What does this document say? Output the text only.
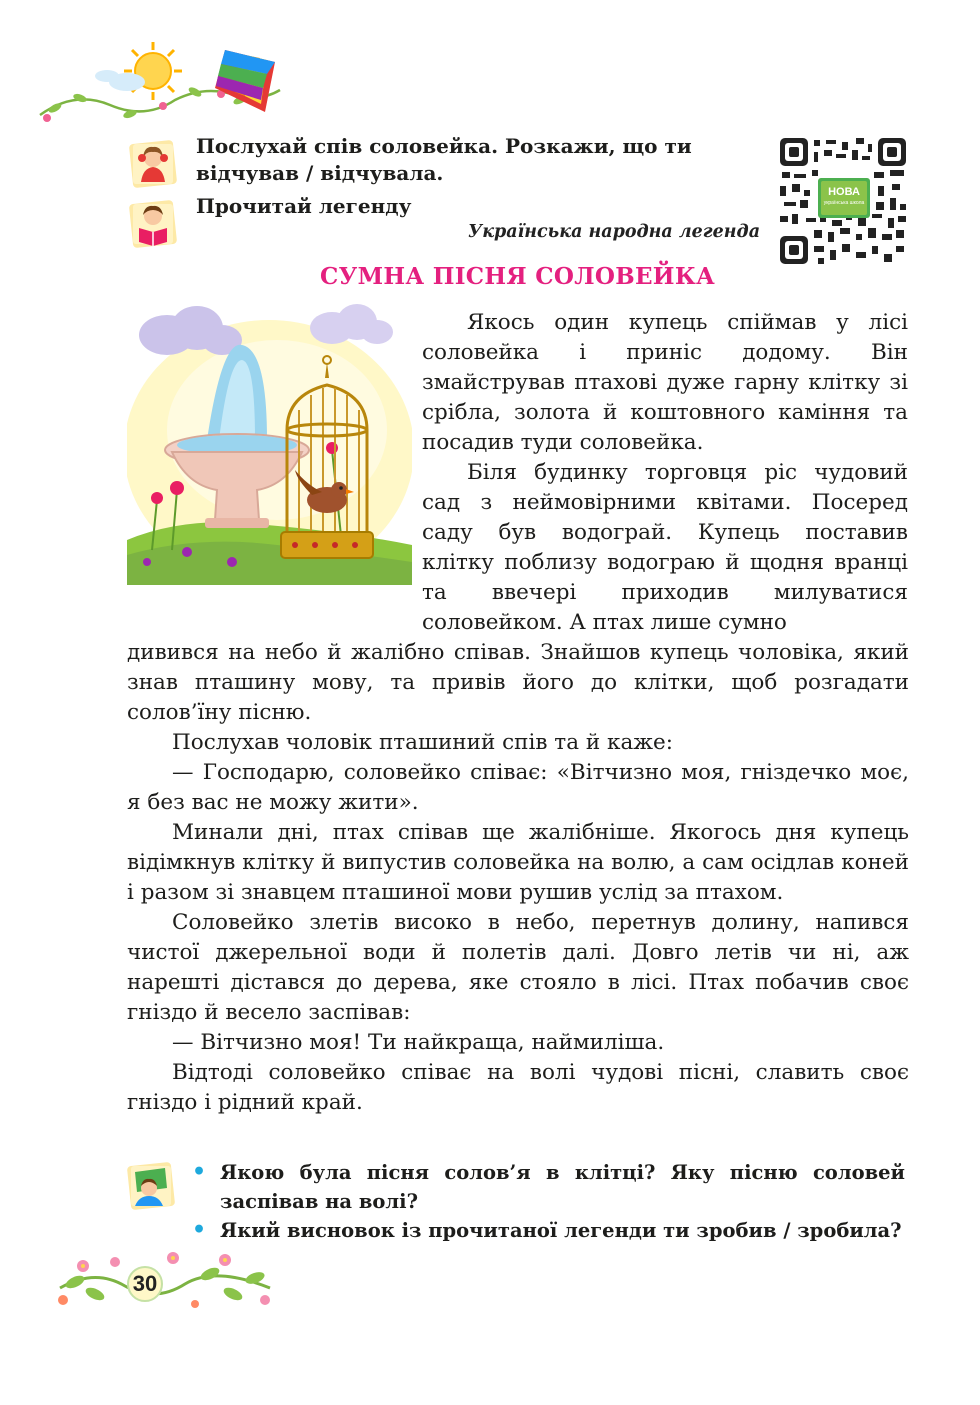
Послухай спів соловейка. Розкажи, що ти відчував / відчувала.
Прочитай легенду
Українська народна легенда
НОВА
українська школа
СУМНА ПІСНЯ СОЛОВЕЙКА

Якось один купець спіймав у лісі соловейка і приніс додому. Він змайстрував птахові дуже гарну клітку зі срібла, золота й коштовного каміння та посадив туди соловейка.

Біля будинку торговця ріс чудовий сад з неймовірними квітами. Посеред саду був водограй. Купець поставив клітку поблизу водограю й щодня вранці та ввечері приходив милуватися соловейком. А птах лише сумно

дивився на небо й жалібно співав. Знайшов купець чоловіка, який знав пташину мову, та привів його до клітки, щоб розгадати солов’їну пісню.

Послухав чоловік пташиний спів та й каже:

— Господарю, соловейко співає: «Вітчизно моя, гніздечко моє, я без вас не можу жити».

Минали дні, птах співав ще жалібніше. Якогось дня купець відімкнув клітку й випустив соловейка на волю, а сам осідлав коней і разом зі знавцем пташиної мови рушив услід за птахом.

Соловейко злетів високо в небо, перетнув долину, напився чистої джерельної води й полетів далі. Довго летів чи ні, аж нарешті дістався до дерева, яке стояло в лісі. Птах побачив своє гніздо й весело заспівав:

— Вітчизно моя! Ти найкраща, наймиліша.

Відтоді соловейко співає на волі чудові пісні, славить своє гніздо і рідний край.

• Якою була пісня солов’я в клітці? Яку пісню соловей заспівав на волі?
• Який висновок із прочитаної легенди ти зробив / зробила?
30
